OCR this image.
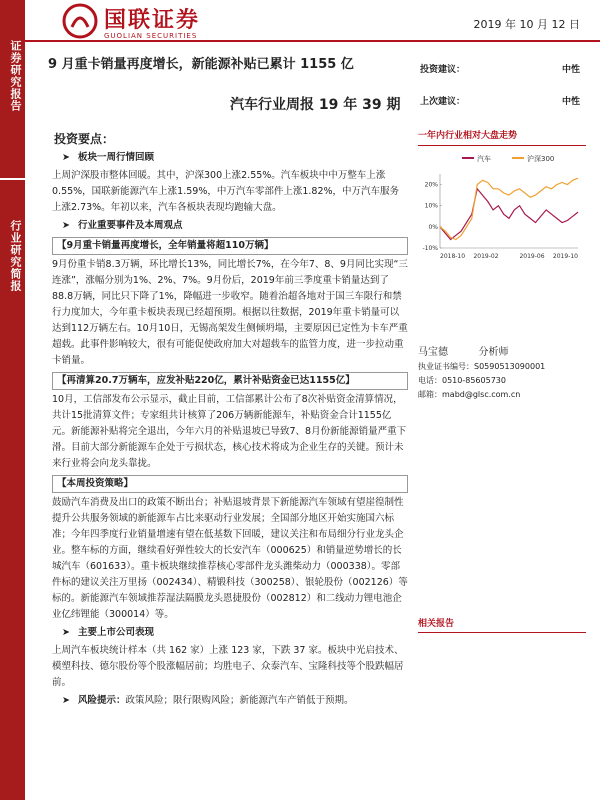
证券研究报告
行业研究简报
国联证券
GUOLIAN SECURITIES
2019 年 10 月 12 日
9 月重卡销量再度增长，新能源补贴已累计 1155 亿
汽车行业周报 19 年 39 期
投资建议：	中性
上次建议：	中性
投资要点：
➤ 板块一周行情回顾
上周沪深股市整体回暖。其中，沪深300上涨2.55%。汽车板块中中万整车上涨0.55%，国联新能源汽车上涨1.59%，中万汽车零部件上涨1.82%，中万汽车服务上涨2.73%。年初以来，汽车各板块表现均跑输大盘。
➤ 行业重要事件及本周观点
【9月重卡销量再度增长，全年销量将超110万辆】
9月份重卡销8.3万辆，环比增长13%，同比增长7%，在今年7、8、9月同比实现“三连涨”，涨幅分别为1%、2%、7%。9月份后，2019年前三季度重卡销量达到了88.8万辆，同比只下降了1%，降幅进一步收窄。随着治超各地对于国三车限行和禁行力度加大，今年重卡板块表现已经超预期。根据以往数据，2019年重卡销量可以达到112万辆左右。10月10日，无锡高架发生侧倾坍塌，主要原因已定性为卡车严重超载。此事件影响较大，很有可能促使政府加大对超载车的监管力度，进一步拉动重卡销量。
【再清算20.7万辆车，应发补贴220亿，累计补贴资金已达1155亿】
10月，工信部发布公示显示，截止目前，工信部累计公布了8次补贴资金清算情况，共计15批清算文件；专家组共计核算了206万辆新能源车，补贴资金合计1155亿元。新能源补贴将完全退出，今年六月的补贴退坡已导致7、8月份新能源销量严重下滑。目前大部分新能源车企处于亏损状态，核心技术将成为企业生存的关键。预计未来行业将会向龙头靠拢。
【本周投资策略】
鼓励汽车消费及出口的政策不断出台；补贴退坡背景下新能源汽车领域有望崖徨制性提升公共服务领域的新能源车占比来驱动行业发展；全国部分地区开始实施国六标准；今年四季度行业销量增速有望在低基数下回暖，建议关注和布局细分行业龙头企业。整车标的方面，继续看好弹性较大的长安汽车（000625）和销量逆势增长的长城汽车（601633）。重卡板块继续推荐核心零部件龙头潍柴动力（000338）。零部件标的建议关注万里扬（002434）、精锻科技（300258）、银轮股份（002126）等标的。新能源汽车领域推荐湿法隔膜龙头恩捷股份（002812）和二线动力锂电池企业亿纬锂能（300014）等。
➤ 主要上市公司表现
上周汽车板块统计样本（共 162 家）上涨 123 家，下跌 37 家。板块中光启技术、模塑科技、德尔股份等个股涨幅居前；均胜电子、众泰汽车、宝隆科技等个股跌幅居前。
➤ 风险提示：政策风险；限行限购风险；新能源汽车产销低于预期。
一年内行业相对大盘走势
汽车	沪深300
20%
10%
0%
-10%
2018-10 2019-02	2019-06 2019-10
马宝德	分析师
执业证书编号：S0590513090001
电话：0510-85605730
邮箱：mabd@glsc.com.cn
相关报告
